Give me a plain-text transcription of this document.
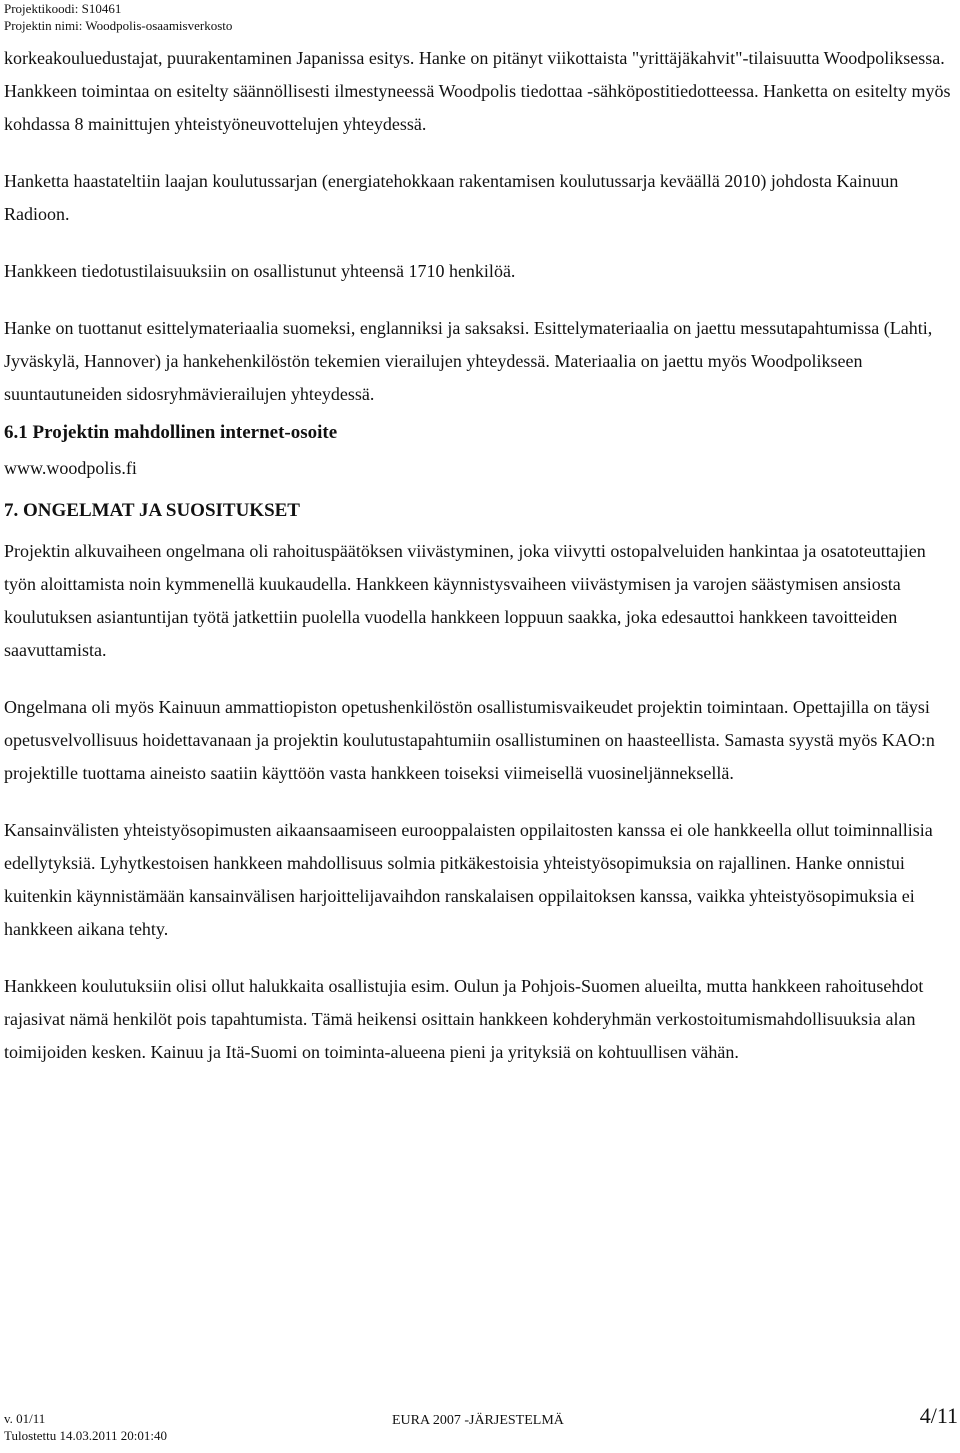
Projektikoodi: S10461
Projektin nimi: Woodpolis-osaamisverkosto

korkeakouluedustajat, puurakentaminen Japanissa esitys. Hanke on pitänyt viikottaista "yrittäjäkahvit"-tilaisuutta Woodpoliksessa. Hankkeen toimintaa on esitelty säännöllisesti ilmestyneessä Woodpolis tiedottaa -sähköpostitiedotteessa. Hanketta on esitelty myös kohdassa 8 mainittujen yhteistyöneuvottelujen yhteydessä.

Hanketta haastateltiin laajan koulutussarjan (energiatehokkaan rakentamisen koulutussarja keväällä 2010) johdosta Kainuun Radioon.

Hankkeen tiedotustilaisuuksiin on osallistunut yhteensä 1710 henkilöä.

Hanke on tuottanut esittelymateriaalia suomeksi, englanniksi ja saksaksi. Esittelymateriaalia on jaettu messutapahtumissa (Lahti, Jyväskylä, Hannover) ja hankehenkilöstön tekemien vierailujen yhteydessä. Materiaalia on jaettu myös Woodpolikseen suuntautuneiden sidosryhmävierailujen yhteydessä.

6.1 Projektin mahdollinen internet-osoite

www.woodpolis.fi

7. ONGELMAT JA SUOSITUKSET

Projektin alkuvaiheen ongelmana oli rahoituspäätöksen viivästyminen, joka viivytti ostopalveluiden hankintaa ja osatoteuttajien työn aloittamista noin kymmenellä kuukaudella. Hankkeen käynnistysvaiheen viivästymisen ja varojen säästymisen ansiosta koulutuksen asiantuntijan työtä jatkettiin puolella vuodella hankkeen loppuun saakka, joka edesauttoi hankkeen tavoitteiden saavuttamista.

Ongelmana oli myös Kainuun ammattiopiston opetushenkilöstön osallistumisvaikeudet projektin toimintaan. Opettajilla on täysi opetusvelvollisuus hoidettavanaan ja projektin koulutustapahtumiin osallistuminen on haasteellista. Samasta syystä myös KAO:n projektille tuottama aineisto saatiin käyttöön vasta hankkeen toiseksi viimeisellä vuosineljänneksellä.

Kansainvälisten yhteistyösopimusten aikaansaamiseen eurooppalaisten oppilaitosten kanssa ei ole hankkeella ollut toiminnallisia edellytyksiä. Lyhytkestoisen hankkeen mahdollisuus solmia pitkäkestoisia yhteistyösopimuksia on rajallinen. Hanke onnistui kuitenkin käynnistämään kansainvälisen harjoittelijavaihdon ranskalaisen oppilaitoksen kanssa, vaikka yhteistyösopimuksia ei hankkeen aikana tehty.

Hankkeen koulutuksiin olisi ollut halukkaita osallistujia esim. Oulun ja Pohjois-Suomen alueilta, mutta hankkeen rahoitusehdot rajasivat nämä henkilöt pois tapahtumista. Tämä heikensi osittain hankkeen kohderyhmän verkostoitumismahdollisuuksia alan toimijoiden kesken. Kainuu ja Itä-Suomi on toiminta-alueena pieni ja yrityksiä on kohtuullisen vähän.

v. 01/11
Tulostettu 14.03.2011 20:01:40
EURA 2007 -JÄRJESTELMÄ	4/11
